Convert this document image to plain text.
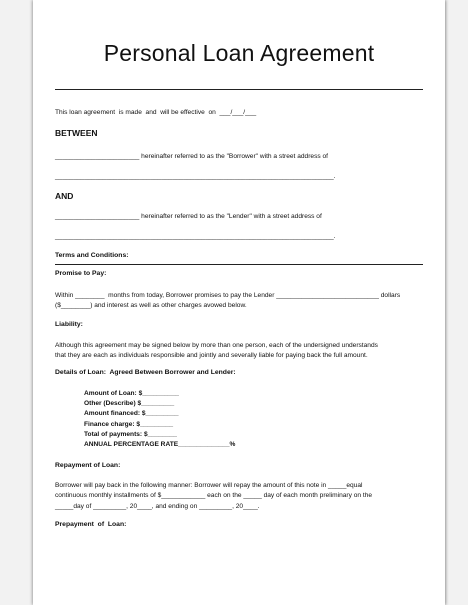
Personal Loan Agreement
This loan agreement  is made  and  will be effective  on  ___/___/___
BETWEEN
_______________________ hereinafter referred to as the "Borrower" with a street address of
____________________________________________________________________________.
AND
_______________________ hereinafter referred to as the "Lender" with a street address of
____________________________________________________________________________.
Terms and Conditions:
Promise to Pay:
Within ________  months from today, Borrower promises to pay the Lender ____________________________ dollars
($________) and interest as well as other charges avowed below.
Liability:
Although this agreement may be signed below by more than one person, each of the undersigned understands
that they are each as individuals responsible and jointly and severally liable for paying back the full amount.
Details of Loan:  Agreed Between Borrower and Lender:
Amount of Loan: $__________
Other (Describe) $_________
Amount financed: $_________
Finance charge: $_________
Total of payments: $________
ANNUAL PERCENTAGE RATE______________%
Repayment of Loan:
Borrower will pay back in the following manner: Borrower will repay the amount of this note in _____equal
continuous monthly installments of $____________ each on the _____ day of each month preliminary on the
_____day of _________, 20____, and ending on _________, 20____.
Prepayment  of  Loan:
